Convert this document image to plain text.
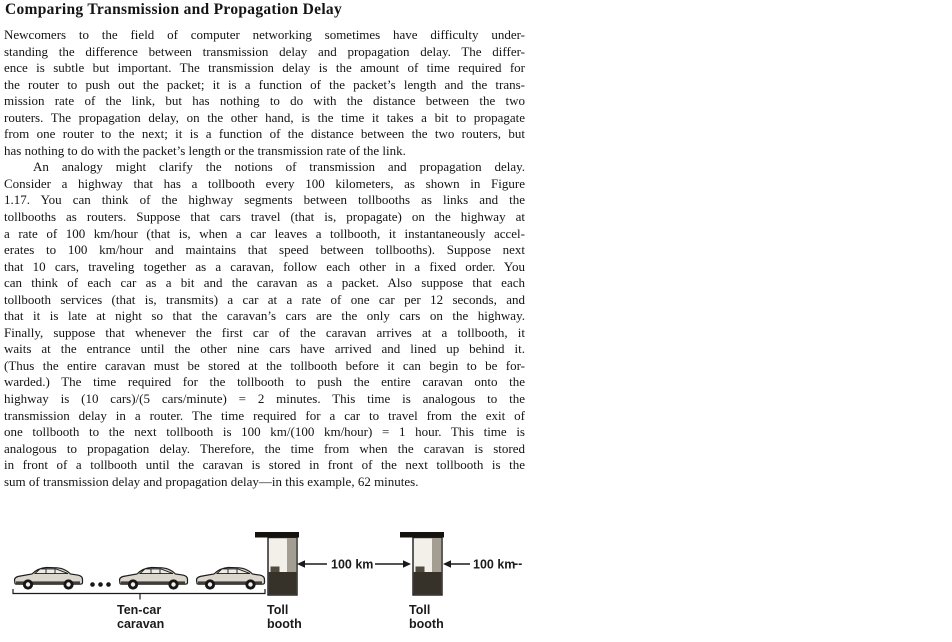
Comparing Transmission and Propagation Delay
Newcomers to the field of computer networking sometimes have difficulty under-
standing the difference between transmission delay and propagation delay. The differ-
ence is subtle but important. The transmission delay is the amount of time required for
the router to push out the packet; it is a function of the packet’s length and the trans-
mission rate of the link, but has nothing to do with the distance between the two
routers. The propagation delay, on the other hand, is the time it takes a bit to propagate
from one router to the next; it is a function of the distance between the two routers, but
has nothing to do with the packet’s length or the transmission rate of the link.
An analogy might clarify the notions of transmission and propagation delay.
Consider a highway that has a tollbooth every 100 kilometers, as shown in Figure
1.17. You can think of the highway segments between tollbooths as links and the
tollbooths as routers. Suppose that cars travel (that is, propagate) on the highway at
a rate of 100 km/hour (that is, when a car leaves a tollbooth, it instantaneously accel-
erates to 100 km/hour and maintains that speed between tollbooths). Suppose next
that 10 cars, traveling together as a caravan, follow each other in a fixed order. You
can think of each car as a bit and the caravan as a packet. Also suppose that each
tollbooth services (that is, transmits) a car at a rate of one car per 12 seconds, and
that it is late at night so that the caravan’s cars are the only cars on the highway.
Finally, suppose that whenever the first car of the caravan arrives at a tollbooth, it
waits at the entrance until the other nine cars have arrived and lined up behind it.
(Thus the entire caravan must be stored at the tollbooth before it can begin to be for-
warded.) The time required for the tollbooth to push the entire caravan onto the
highway is (10 cars)/(5 cars/minute) = 2 minutes. This time is analogous to the
transmission delay in a router. The time required for a car to travel from the exit of
one tollbooth to the next tollbooth is 100 km/(100 km/hour) = 1 hour. This time is
analogous to propagation delay. Therefore, the time from when the caravan is stored
in front of a tollbooth until the caravan is stored in front of the next tollbooth is the
sum of transmission delay and propagation delay—in this example, 62 minutes.
Ten-car
caravan
Toll
booth
100 km
Toll
booth
100 km
--
